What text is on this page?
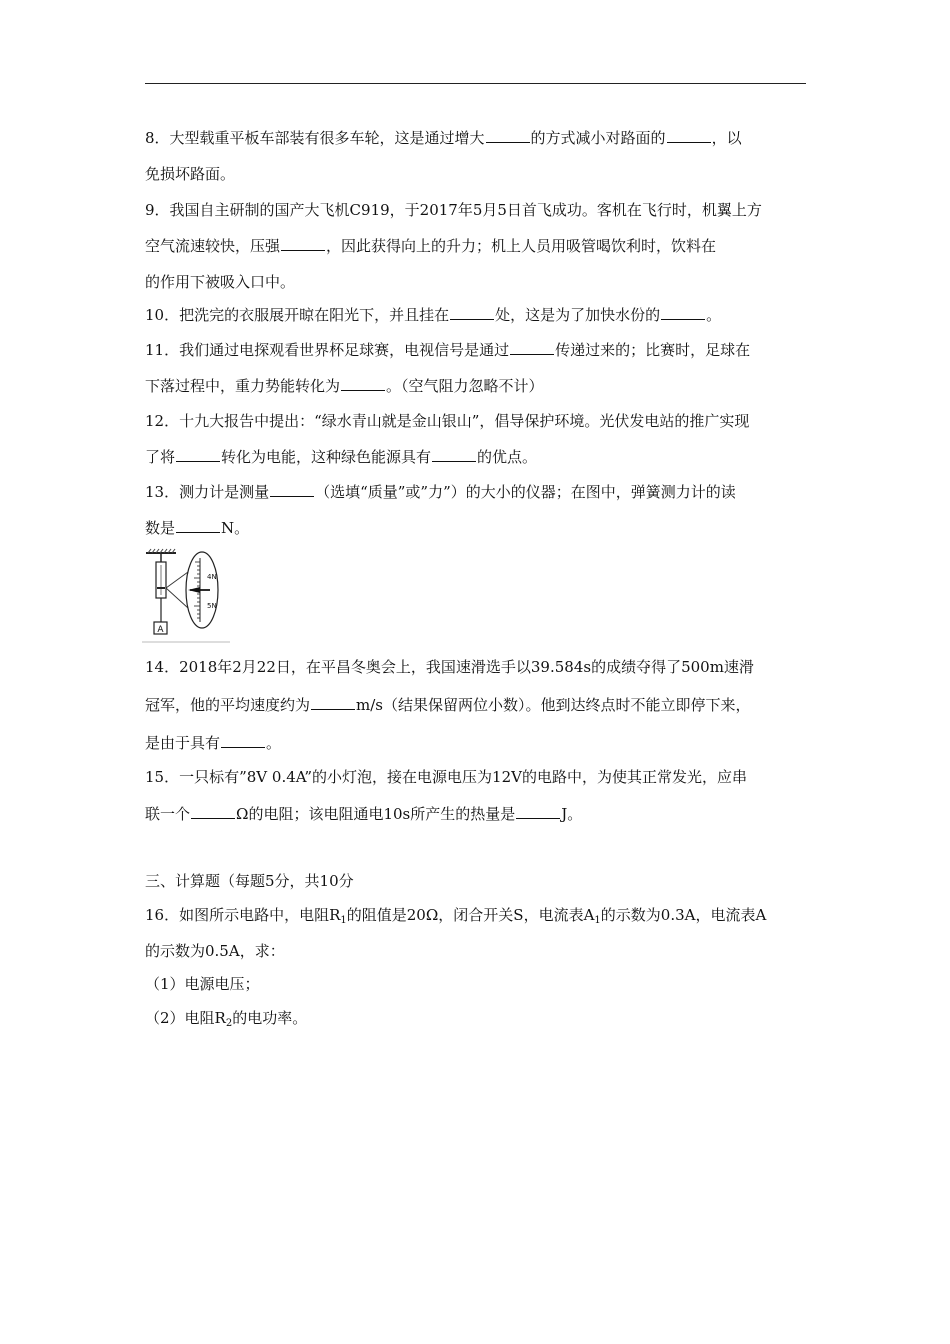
8．大型载重平板车部装有很多车轮，这是通过增大	的方式减小对路面的	，以
免损坏路面。
9．我国自主研制的国产大飞机C919，于2017年5月5日首飞成功。客机在飞行时，机翼上方
空气流速较快，压强	，因此获得向上的升力；机上人员用吸管喝饮利时，饮料在
的作用下被吸入口中。
10．把洗完的衣服展开晾在阳光下，并且挂在	处，这是为了加快水份的	。
11．我们通过电探观看世界杯足球赛，电视信号是通过	传递过来的；比赛时，足球在
下落过程中，重力势能转化为	。（空气阻力忽略不计）
12．十九大报告中提出：“绿水青山就是金山银山”，倡导保护环境。光伏发电站的推广实现
了将	转化为电能，这种绿色能源具有	的优点。
13．测力计是测量	（选填“质量”或”力”）的大小的仪器；在图中，弹簧测力计的读
数是	N。
A
4N
5N
14．2018年2月22日，在平昌冬奥会上，我国速滑选手以39.584s的成绩夺得了500m速滑
冠军，他的平均速度约为	m/s（结果保留两位小数）。他到达终点时不能立即停下来，
是由于具有	。
15．一只标有”8V 0.4A”的小灯泡，接在电源电压为12V的电路中，为使其正常发光，应串
联一个	Ω的电阻；该电阻通电10s所产生的热量是	J。
三、计算题（每题5分，共10分
16．如图所示电路中，电阻$R_1$的阻值是20Ω，闭合开关S，电流表$A_1$的示数为0.3A，电流表A
的示数为0.5A，求：
（1）电源电压；
（2）电阻$R_2$的电功率。
